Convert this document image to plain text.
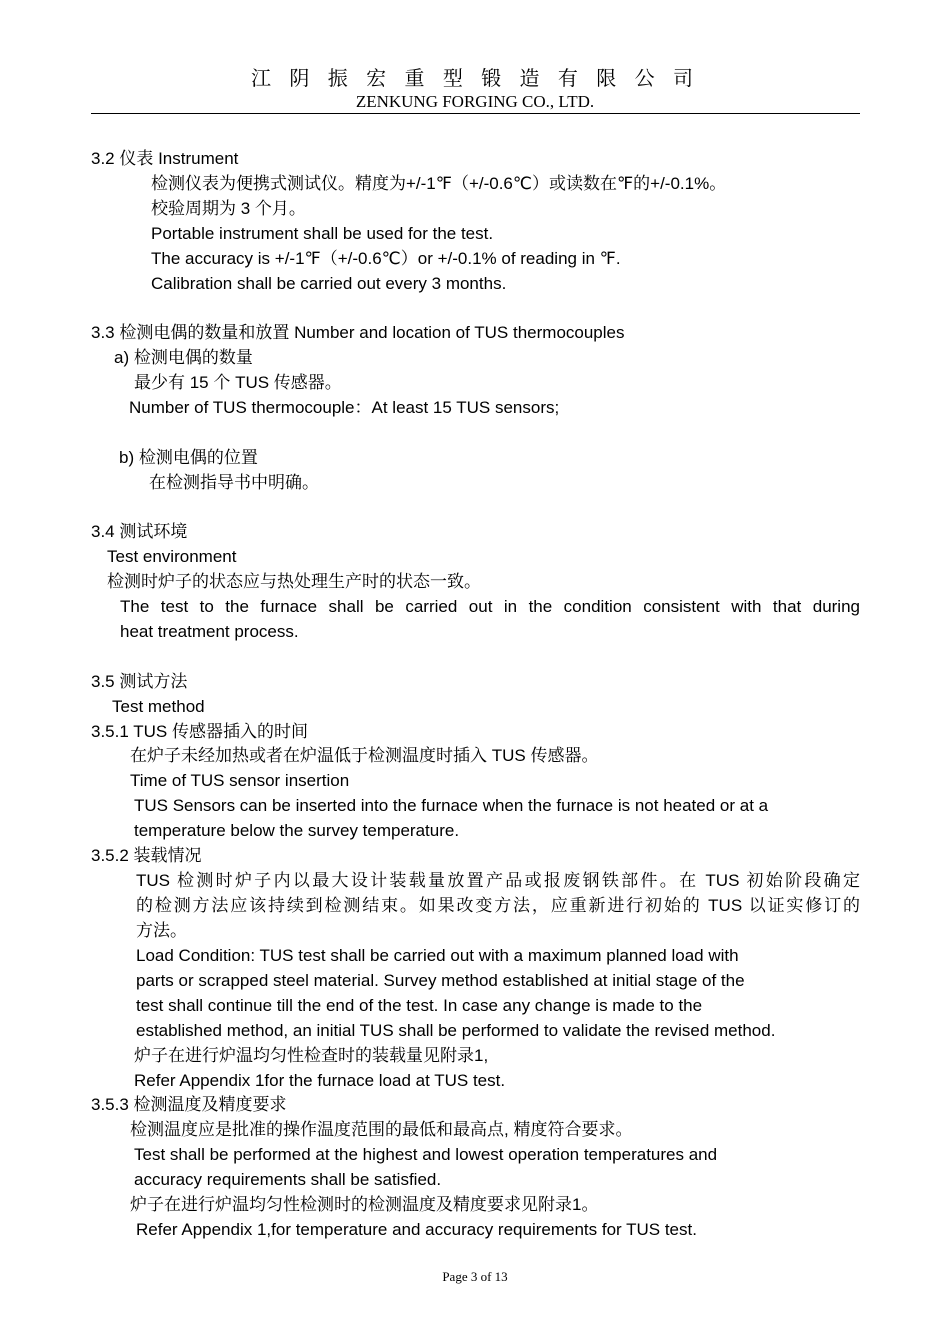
江 阴 振 宏 重 型 锻 造 有 限 公 司
ZENKUNG FORGING CO., LTD.
3.2 仪表 Instrument
检测仪表为便携式测试仪。精度为+/-1℉（+/-0.6℃）或读数在℉的+/-0.1%。
校验周期为 3 个月。
Portable instrument shall be used for the test.
The accuracy is +/-1℉（+/-0.6℃）or +/-0.1% of reading in ℉.
Calibration shall be carried out every 3 months.
3.3 检测电偶的数量和放置 Number and location of TUS thermocouples
a) 检测电偶的数量
最少有 15 个 TUS 传感器。
Number of TUS thermocouple：At least 15 TUS sensors;
b) 检测电偶的位置
在检测指导书中明确。
3.4 测试环境
Test environment
检测时炉子的状态应与热处理生产时的状态一致。
The test to the furnace shall be carried out in the condition consistent with that during
heat treatment process.
3.5 测试方法
Test method
3.5.1 TUS 传感器插入的时间
在炉子未经加热或者在炉温低于检测温度时插入 TUS 传感器。
Time of TUS sensor insertion
TUS Sensors can be inserted into the furnace when the furnace is not heated or at a
temperature below the survey temperature.
3.5.2 装载情况
TUS 检测时炉子内以最大设计装载量放置产品或报废钢铁部件。在 TUS 初始阶段确定
的检测方法应该持续到检测结束。如果改变方法，应重新进行初始的 TUS 以证实修订的
方法。
Load Condition: TUS test shall be carried out with a maximum planned load with
parts or scrapped steel material. Survey method established at initial stage of the
test shall continue till the end of the test. In case any change is made to the
established method, an initial TUS shall be performed to validate the revised method.
炉子在进行炉温均匀性检查时的装载量见附录1,
Refer Appendix 1for the furnace load at TUS test.
3.5.3 检测温度及精度要求
检测温度应是批准的操作温度范围的最低和最高点, 精度符合要求。
Test shall be performed at the highest and lowest operation temperatures and
accuracy requirements shall be satisfied.
炉子在进行炉温均匀性检测时的检测温度及精度要求见附录1。
Refer Appendix 1,for temperature and accuracy requirements for TUS test.
Page 3 of 13
